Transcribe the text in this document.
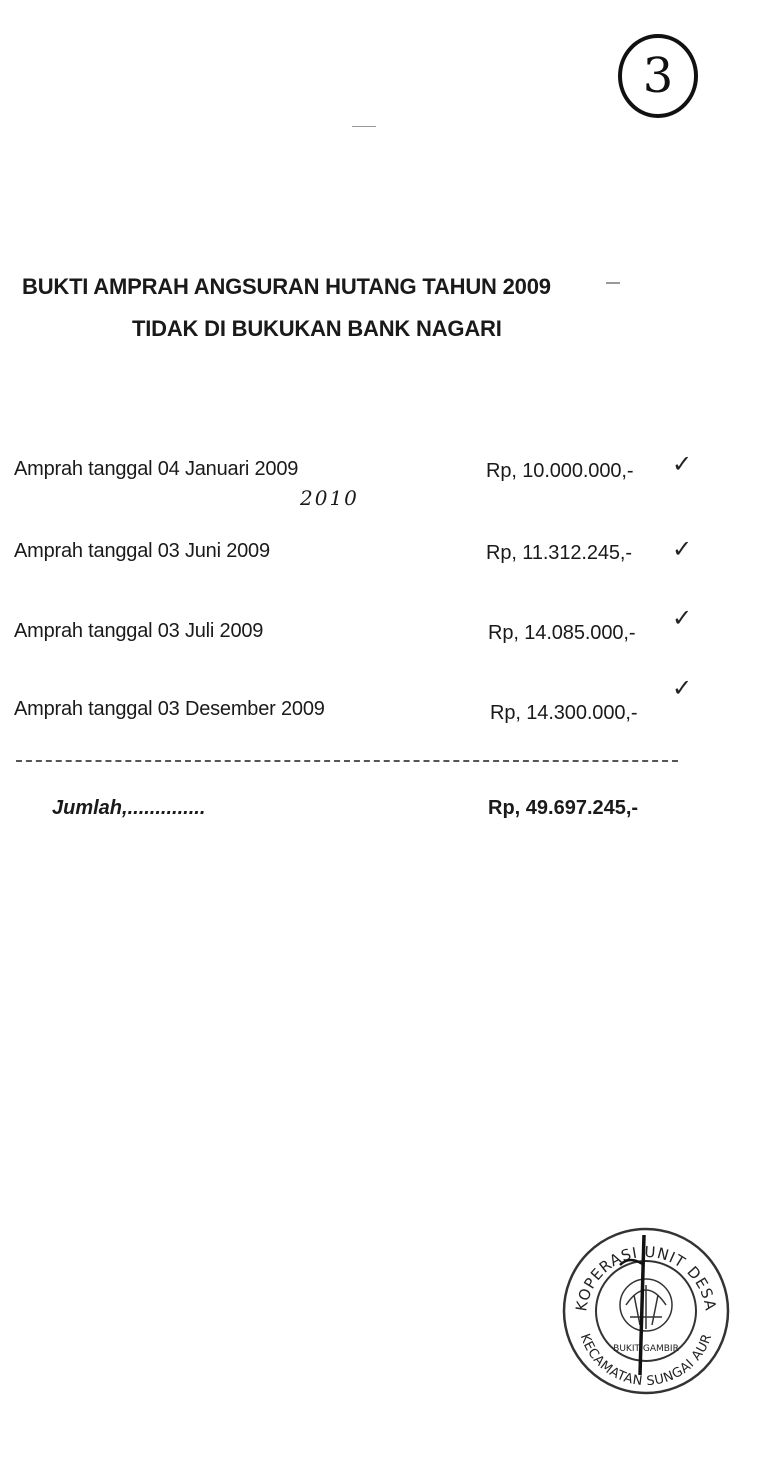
3
BUKTI AMPRAH ANGSURAN HUTANG TAHUN 2009
TIDAK DI BUKUKAN BANK NAGARI
Amprah tanggal 04 Januari 2009	Rp, 10.000.000,- ✓
2010
Amprah tanggal 03 Juni 2009	Rp, 11.312.245,- ✓
Amprah tanggal 03 Juli 2009	Rp, 14.085.000,-
✓
Amprah tanggal 03 Desember 2009	Rp, 14.300.000,-
✓
Jumlah,..............	Rp, 49.697.245,-
KOPERASI UNIT DESA
KECAMATAN SUNGAI AUR
BUKIT GAMBIR
